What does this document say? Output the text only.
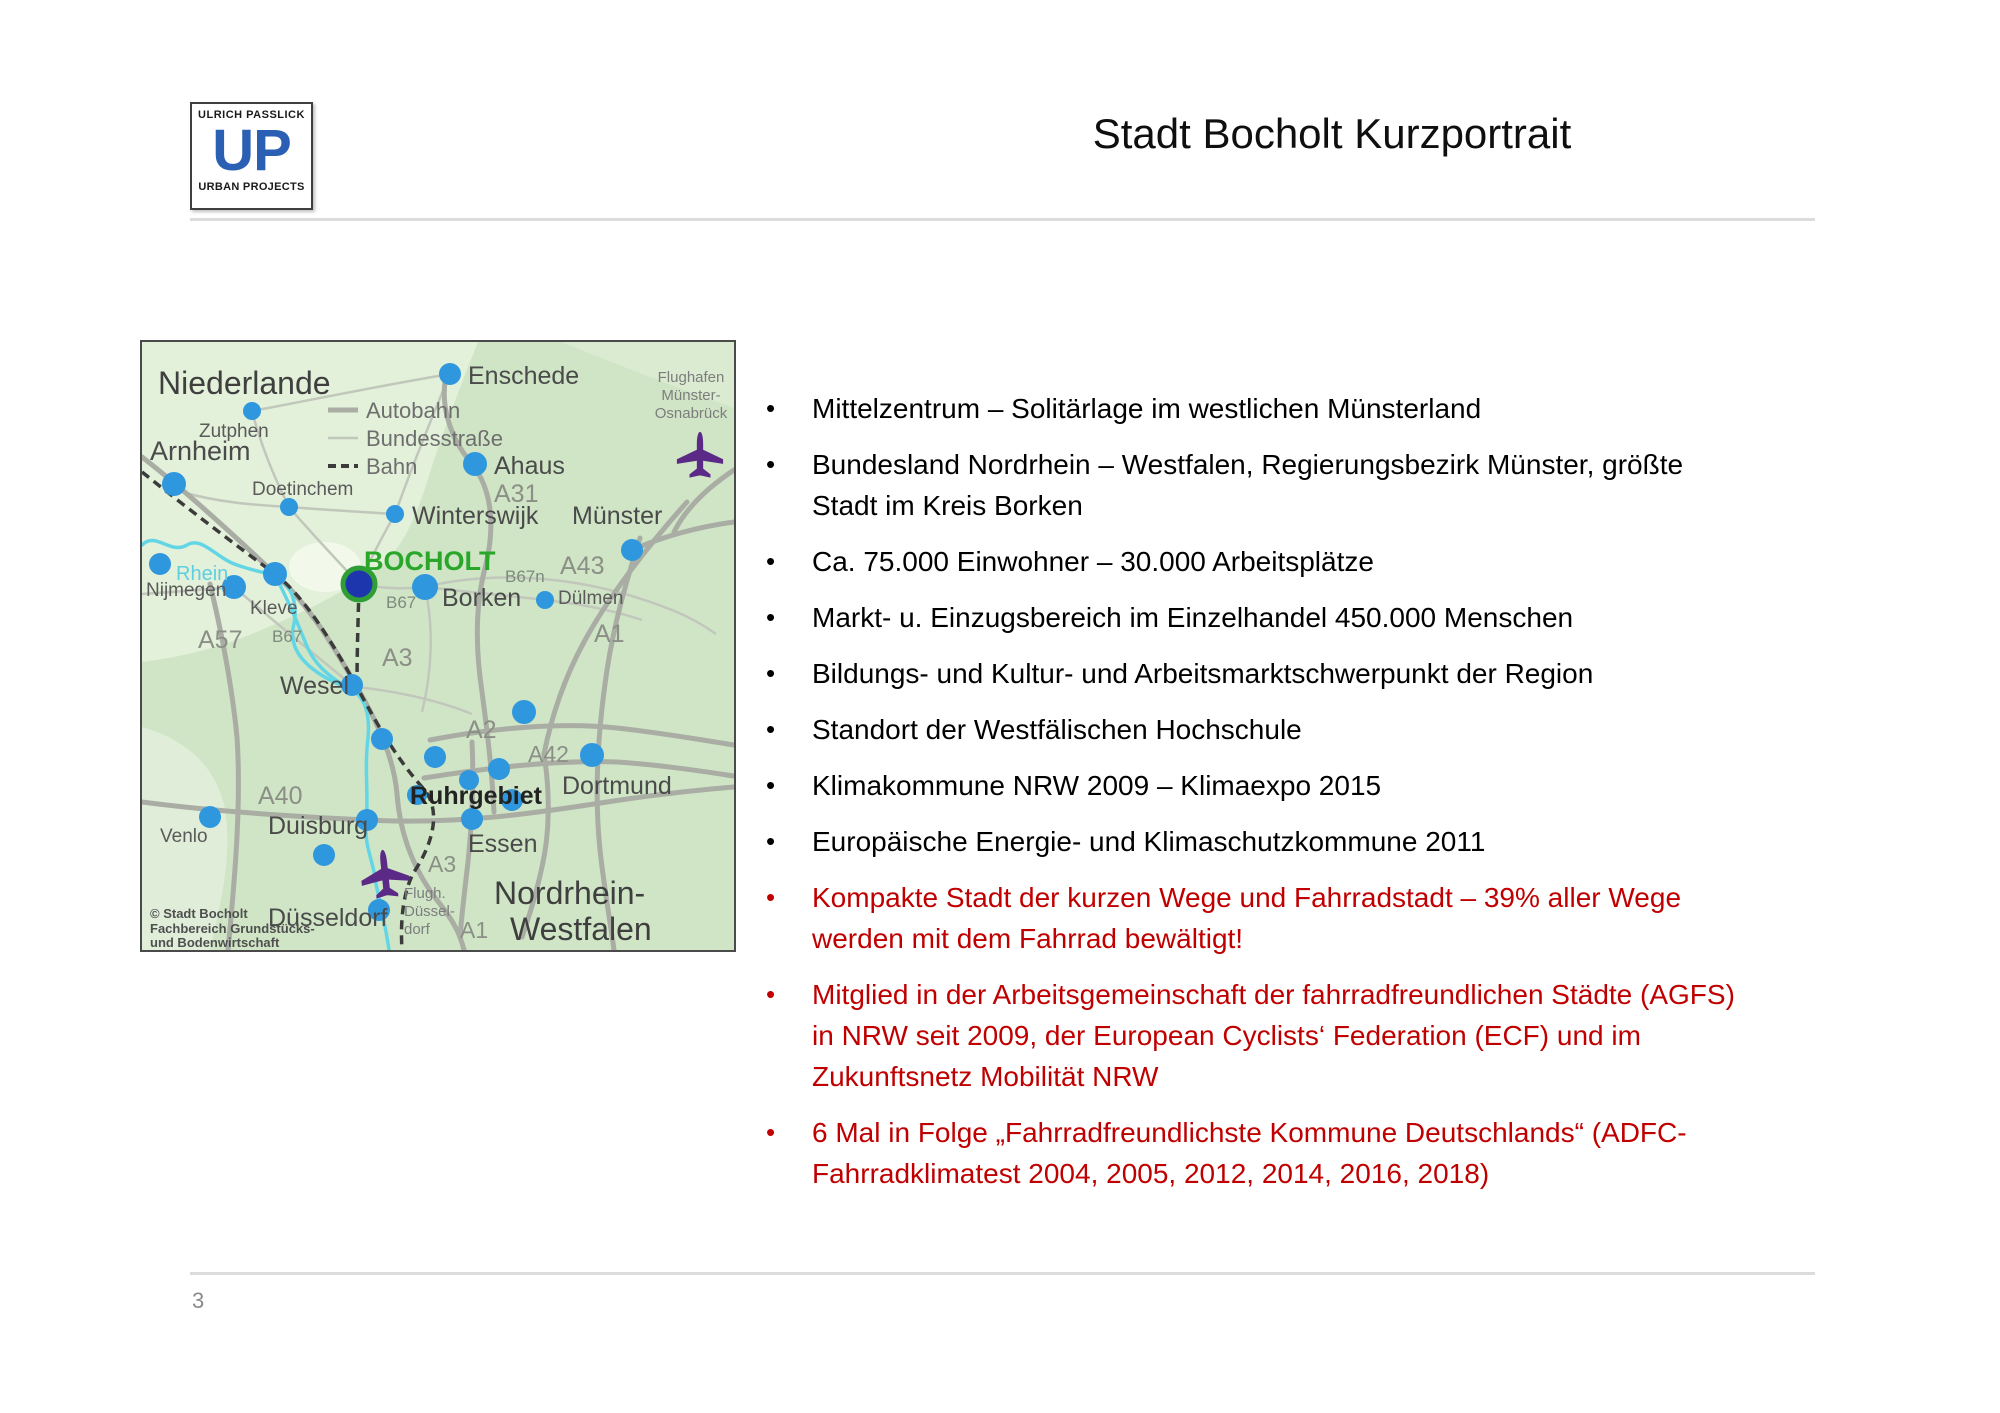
ULRICH PASSLICK
UP
URBAN PROJECTS
Stadt Bocholt Kurzportrait
3
Niederlande
Autobahn
Bundesstraße
Bahn
Enschede	Flughafen
Münster-
Osnabrück
Zutphen
Arnheim
Doetinchem
Ahaus
A31
Winterswijk Münster
BOCHOLT	A43
B67n
B67 Borken Dülmen
Rhein
Nijmegen
Kleve
A57 B67	A1
A3
Wesel
A2
A42
A40	Ruhrgebiet Dortmund
Duisburg
Venlo	Essen
A3
Flugh.
Düssel-
dorf
Düsseldorf	A1
Nordrhein-
Westfalen
© Stadt Bocholt
Fachbereich Grundstücks-
und Bodenwirtschaft
• Mittelzentrum – Solitärlage im westlichen Münsterland
• Bundesland Nordrhein – Westfalen, Regierungsbezirk Münster, größte Stadt im Kreis Borken
• Ca. 75.000 Einwohner – 30.000 Arbeitsplätze
• Markt- u. Einzugsbereich im Einzelhandel 450.000 Menschen
• Bildungs- und Kultur- und Arbeitsmarktschwerpunkt der Region
• Standort der Westfälischen Hochschule
• Klimakommune NRW 2009 – Klimaexpo 2015
• Europäische Energie- und Klimaschutzkommune 2011
• Kompakte Stadt der kurzen Wege und Fahrradstadt – 39% aller Wege werden mit dem Fahrrad bewältigt!
• Mitglied in der Arbeitsgemeinschaft der fahrradfreundlichen Städte (AGFS) in NRW seit 2009, der European Cyclists‘ Federation (ECF) und im Zukunftsnetz Mobilität NRW
• 6 Mal in Folge „Fahrradfreundlichste Kommune Deutschlands“ (ADFC-Fahrradklimatest 2004, 2005, 2012, 2014, 2016, 2018)
